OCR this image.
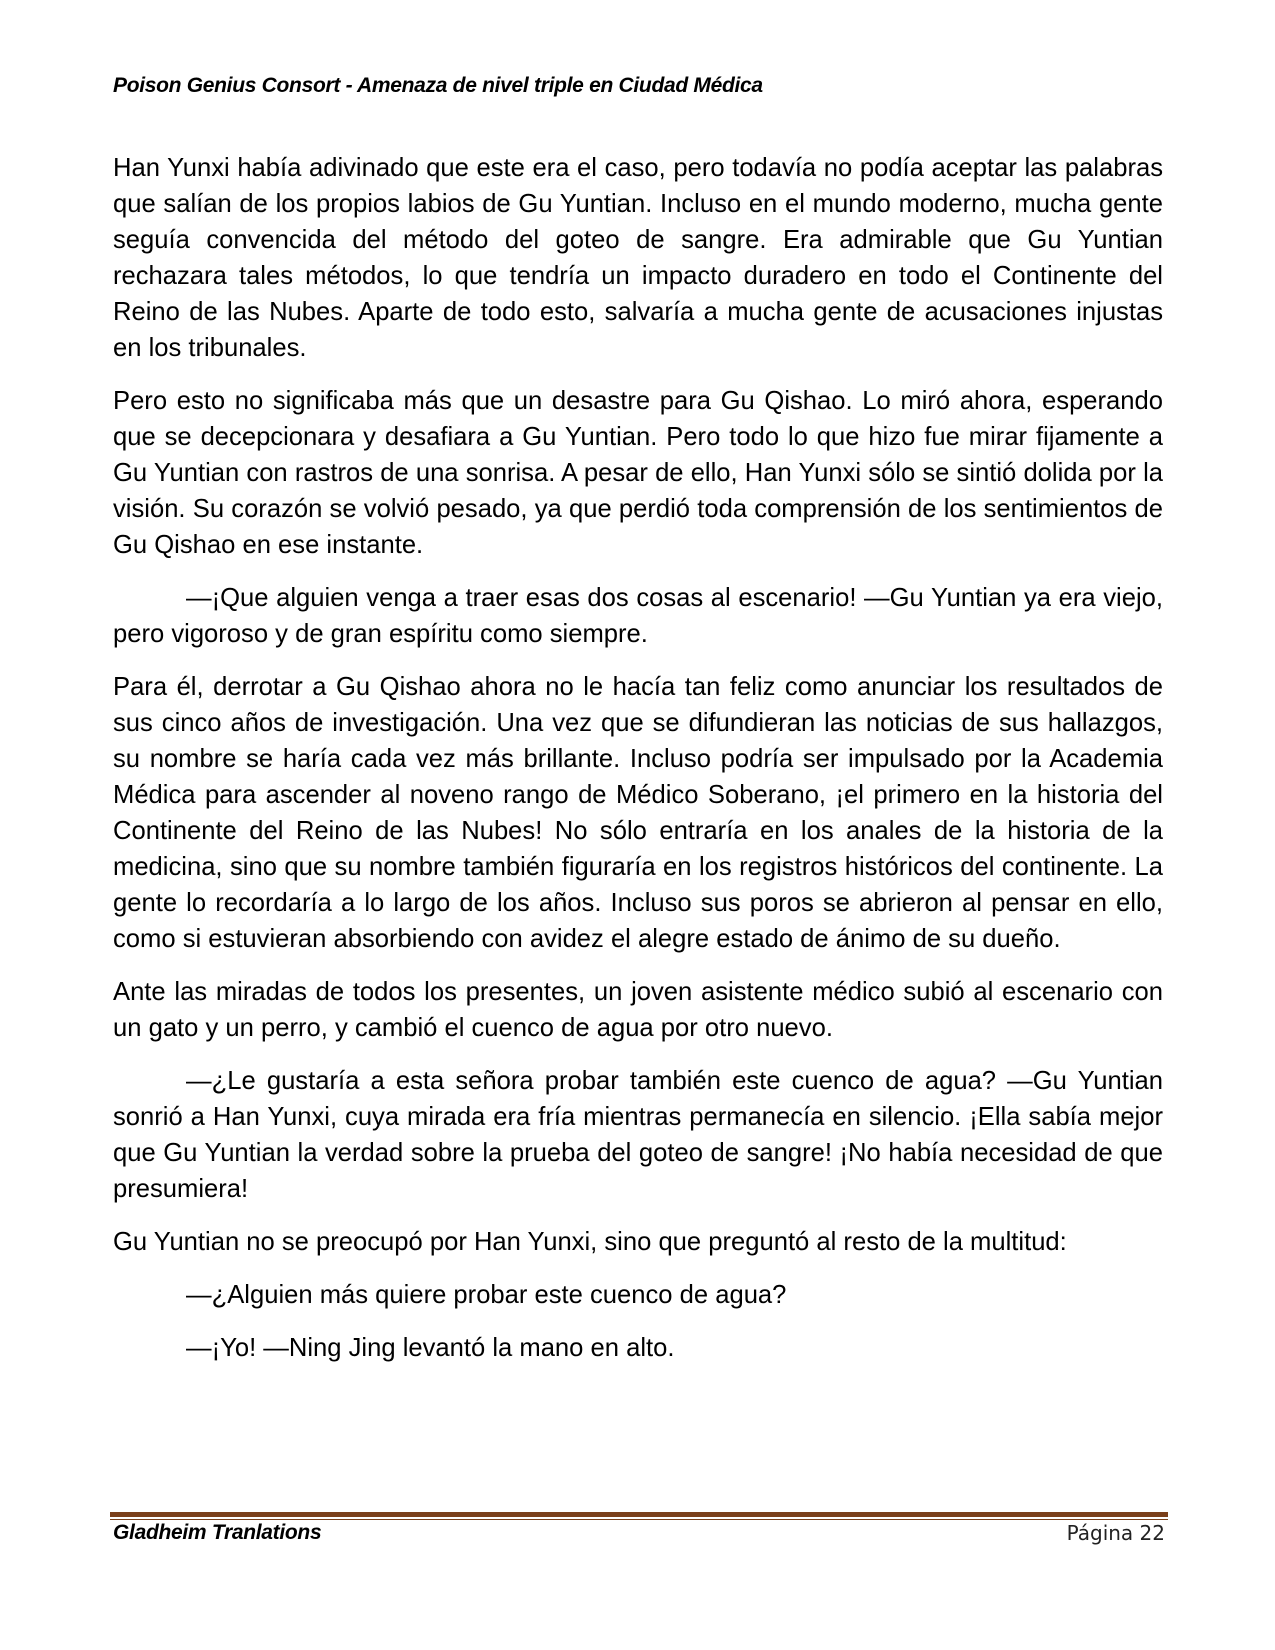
Poison Genius Consort - Amenaza de nivel triple en Ciudad Médica

Han Yunxi había adivinado que este era el caso, pero todavía no podía aceptar las palabras que salían de los propios labios de Gu Yuntian. Incluso en el mundo moderno, mucha gente seguía convencida del método del goteo de sangre. Era admirable que Gu Yuntian rechazara tales métodos, lo que tendría un impacto duradero en todo el Continente del Reino de las Nubes. Aparte de todo esto, salvaría a mucha gente de acusaciones injustas en los tribunales.

Pero esto no significaba más que un desastre para Gu Qishao. Lo miró ahora, esperando que se decepcionara y desafiara a Gu Yuntian. Pero todo lo que hizo fue mirar fijamente a Gu Yuntian con rastros de una sonrisa. A pesar de ello, Han Yunxi sólo se sintió dolida por la visión. Su corazón se volvió pesado, ya que perdió toda comprensión de los sentimientos de Gu Qishao en ese instante.

—¡Que alguien venga a traer esas dos cosas al escenario! —Gu Yuntian ya era viejo, pero vigoroso y de gran espíritu como siempre.

Para él, derrotar a Gu Qishao ahora no le hacía tan feliz como anunciar los resultados de sus cinco años de investigación. Una vez que se difundieran las noticias de sus hallazgos, su nombre se haría cada vez más brillante. Incluso podría ser impulsado por la Academia Médica para ascender al noveno rango de Médico Soberano, ¡el primero en la historia del Continente del Reino de las Nubes! No sólo entraría en los anales de la historia de la medicina, sino que su nombre también figuraría en los registros históricos del continente. La gente lo recordaría a lo largo de los años. Incluso sus poros se abrieron al pensar en ello, como si estuvieran absorbiendo con avidez el alegre estado de ánimo de su dueño.

Ante las miradas de todos los presentes, un joven asistente médico subió al escenario con un gato y un perro, y cambió el cuenco de agua por otro nuevo.

—¿Le gustaría a esta señora probar también este cuenco de agua? —Gu Yuntian sonrió a Han Yunxi, cuya mirada era fría mientras permanecía en silencio. ¡Ella sabía mejor que Gu Yuntian la verdad sobre la prueba del goteo de sangre! ¡No había necesidad de que presumiera!

Gu Yuntian no se preocupó por Han Yunxi, sino que preguntó al resto de la multitud:

—¿Alguien más quiere probar este cuenco de agua?

—¡Yo! —Ning Jing levantó la mano en alto.

Gladheim Tranlations	Página 22
